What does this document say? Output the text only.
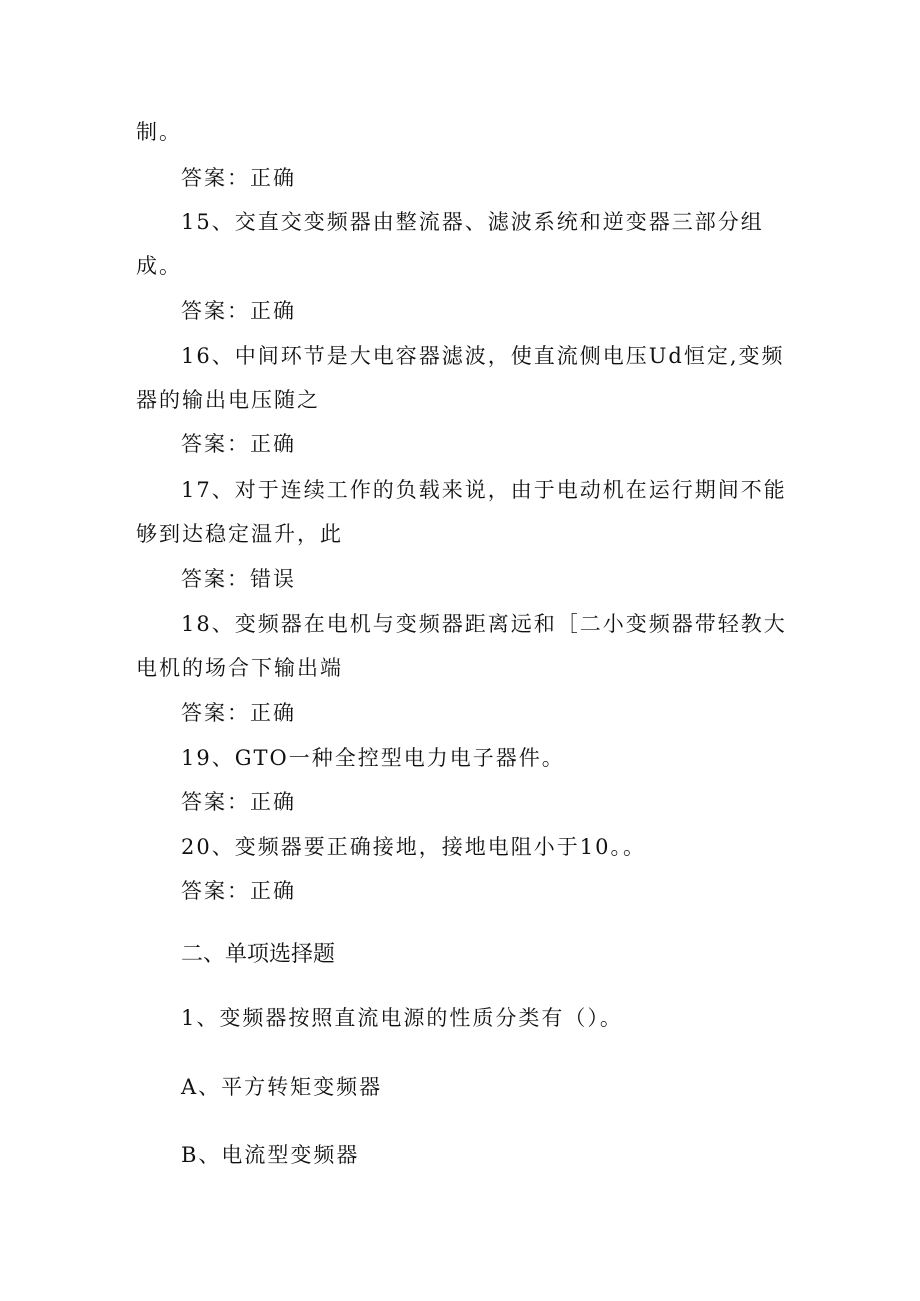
制。
答案：正确
15、交直交变频器由整流器、滤波系统和逆变器三部分组
成。
答案：正确
16、中间环节是大电容器滤波，使直流侧电压Ud恒定,变频
器的输出电压随之
答案：正确
17、对于连续工作的负载来说，由于电动机在运行期间不能
够到达稳定温升，此
答案：错误
18、变频器在电机与变频器距离远和［二小变频器带轻教大
电机的场合下输出端
答案：正确
19、GTO一种全控型电力电子器件。
答案：正确
20、变频器要正确接地，接地电阻小于10。。
答案：正确
二、单项选择题
1、变频器按照直流电源的性质分类有（）。
A、平方转矩变频器
B、电流型变频器
